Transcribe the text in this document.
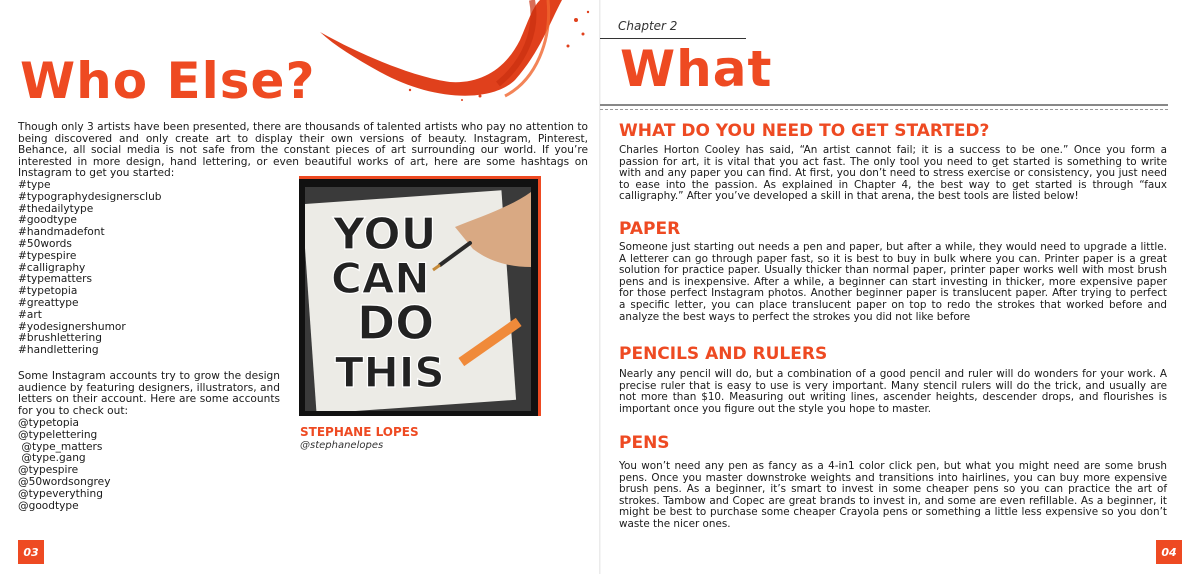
Who Else?

Though only 3 artists have been presented, there are thousands of talented artists who pay no attention to being discovered and only create art to display their own versions of beauty. Instagram, Pinterest, Behance, all social media is not safe from the constant pieces of art surrounding our world. If you’re interested in more design, hand lettering, or even beautiful works of art, here are some hashtags on Instagram to get you started:

#type
#typographydesignersclub
#thedailytype
#goodtype
#handmadefont
#50words
#typespire
#calligraphy
#typematters
#typetopia
#greattype
#art
#yodesignershumor
#brushlettering
#handlettering

Some Instagram accounts try to grow the design audience by featuring designers, illustrators, and letters on their account. Here are some accounts for you to check out:

@typetopia
@typelettering
@type_matters
@type.gang
@typespire
@50wordsongrey
@typeverything
@goodtype
YOU
CAN
DO
THIS
STEPHANE LOPES
@stephanelopes
03
Chapter 2
What
WHAT DO YOU NEED TO GET STARTED?

Charles Horton Cooley has said, “An artist cannot fail; it is a success to be one.” Once you form a passion for art, it is vital that you act fast. The only tool you need to get started is something to write with and any paper you can find. At first, you don’t need to stress exercise or consistency, you just need to ease into the passion. As explained in Chapter 4, the best way to get started is through “faux calligraphy.” After you’ve developed a skill in that arena, the best tools are listed below!

PAPER

Someone just starting out needs a pen and paper, but after a while, they would need to upgrade a little. A letterer can go through paper fast, so it is best to buy in bulk where you can. Printer paper is a great solution for practice paper. Usually thicker than normal paper, printer paper works well with most brush pens and is inexpensive. After a while, a beginner can start investing in thicker, more expensive paper for those perfect Instagram photos. Another beginner paper is translucent paper. After trying to perfect a specific letter, you can place translucent paper on top to redo the strokes that worked before and analyze the best ways to perfect the strokes you did not like before

PENCILS AND RULERS

Nearly any pencil will do, but a combination of a good pencil and ruler will do wonders for your work. A precise ruler that is easy to use is very important. Many stencil rulers will do the trick, and usually are not more than $10. Measuring out writing lines, ascender heights, descender drops, and flourishes is important once you figure out the style you hope to master.

PENS

You won’t need any pen as fancy as a 4-in1 color click pen, but what you might need are some brush pens. Once you master downstroke weights and transitions into hairlines, you can buy more expensive brush pens. As a beginner, it’s smart to invest in some cheaper pens so you can practice the art of strokes. Tambow and Copec are great brands to invest in, and some are even refillable. As a beginner, it might be best to purchase some cheaper Crayola pens or something a little less expensive so you don’t waste the nicer ones.

04
